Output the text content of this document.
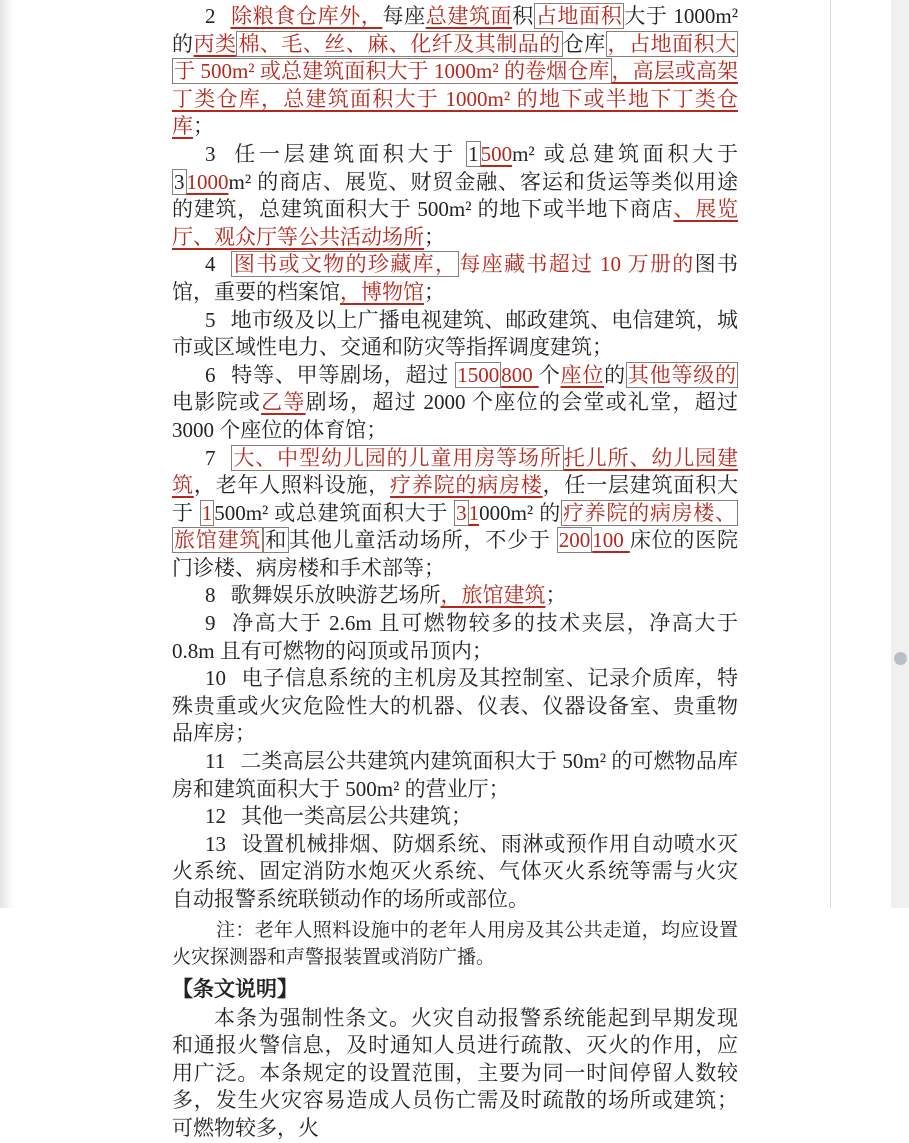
2 除粮食仓库外，每座总建筑面积占地面积大于 1000m² 的丙类棉、毛、丝、麻、化纤及其制品的仓库，占地面积大于 500m² 或总建筑面积大于 1000m² 的卷烟仓库，高层或高架丁类仓库，总建筑面积大于 1000m² 的地下或半地下丁类仓库；

3 任一层建筑面积大于 1500m² 或总建筑面积大于 31000m² 的商店、展览、财贸金融、客运和货运等类似用途的建筑，总建筑面积大于 500m² 的地下或半地下商店、展览厅、观众厅等公共活动场所；

4 图书或文物的珍藏库，每座藏书超过 10 万册的图书馆，重要的档案馆，博物馆；

5 地市级及以上广播电视建筑、邮政建筑、电信建筑，城市或区域性电力、交通和防灾等指挥调度建筑；

6 特等、甲等剧场，超过 1500800 个座位的其他等级的电影院或乙等剧场，超过 2000 个座位的会堂或礼堂，超过 3000 个座位的体育馆；

7 大、中型幼儿园的儿童用房等场所托儿所、幼儿园建筑，老年人照料设施，疗养院的病房楼，任一层建筑面积大于 1500m² 或总建筑面积大于 31000m² 的疗养院的病房楼、旅馆建筑 和其他儿童活动场所，不少于 200100 床位的医院门诊楼、病房楼和手术部等；

8 歌舞娱乐放映游艺场所，旅馆建筑；

9 净高大于 2.6m 且可燃物较多的技术夹层，净高大于 0.8m 且有可燃物的闷顶或吊顶内；

10 电子信息系统的主机房及其控制室、记录介质库，特殊贵重或火灾危险性大的机器、仪表、仪器设备室、贵重物品库房；

11 二类高层公共建筑内建筑面积大于 50m² 的可燃物品库房和建筑面积大于 500m² 的营业厅；

12 其他一类高层公共建筑；

13 设置机械排烟、防烟系统、雨淋或预作用自动喷水灭火系统、固定消防水炮灭火系统、气体灭火系统等需与火灾自动报警系统联锁动作的场所或部位。

注：老年人照料设施中的老年人用房及其公共走道，均应设置火灾探测器和声警报装置或消防广播。

【条文说明】

本条为强制性条文。火灾自动报警系统能起到早期发现和通报火警信息，及时通知人员进行疏散、灭火的作用，应用广泛。本条规定的设置范围，主要为同一时间停留人数较多，发生火灾容易造成人员伤亡需及时疏散的场所或建筑；可燃物较多，火
